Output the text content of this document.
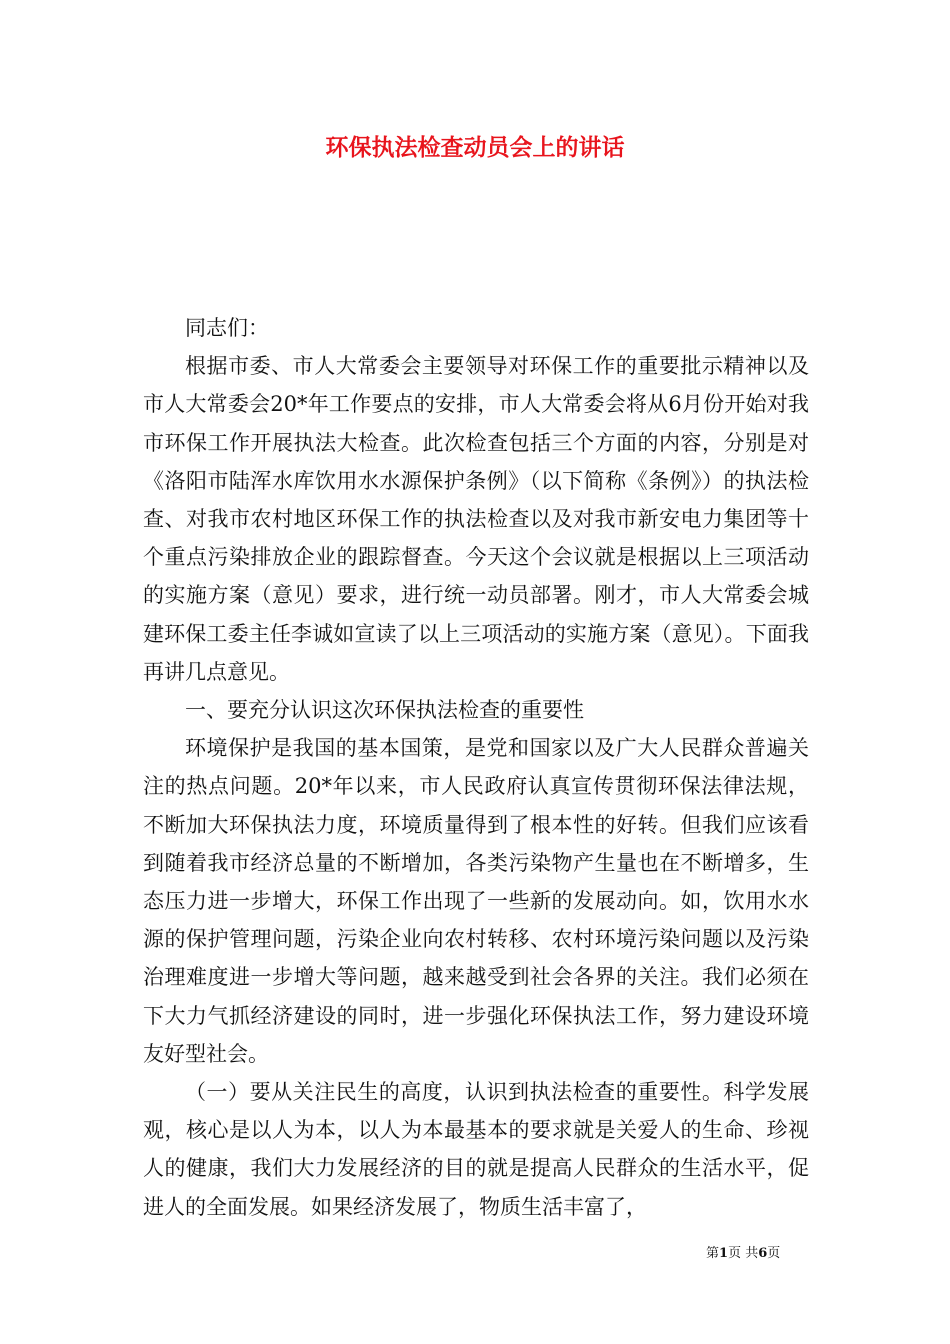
环保执法检查动员会上的讲话

同志们：

根据市委、市人大常委会主要领导对环保工作的重要批示精神以及市人大常委会20*年工作要点的安排，市人大常委会将从6月份开始对我市环保工作开展执法大检查。此次检查包括三个方面的内容，分别是对《洛阳市陆浑水库饮用水水源保护条例》（以下简称《条例》）的执法检查、对我市农村地区环保工作的执法检查以及对我市新安电力集团等十个重点污染排放企业的跟踪督查。今天这个会议就是根据以上三项活动的实施方案（意见）要求，进行统一动员部署。刚才，市人大常委会城建环保工委主任李诚如宣读了以上三项活动的实施方案（意见）。下面我再讲几点意见。

一、要充分认识这次环保执法检查的重要性

环境保护是我国的基本国策，是党和国家以及广大人民群众普遍关注的热点问题。20*年以来，市人民政府认真宣传贯彻环保法律法规，不断加大环保执法力度，环境质量得到了根本性的好转。但我们应该看到随着我市经济总量的不断增加，各类污染物产生量也在不断增多，生态压力进一步增大，环保工作出现了一些新的发展动向。如，饮用水水源的保护管理问题，污染企业向农村转移、农村环境污染问题以及污染治理难度进一步增大等问题，越来越受到社会各界的关注。我们必须在下大力气抓经济建设的同时，进一步强化环保执法工作，努力建设环境友好型社会。

（一）要从关注民生的高度，认识到执法检查的重要性。科学发展观，核心是以人为本，以人为本最基本的要求就是关爱人的生命、珍视人的健康，我们大力发展经济的目的就是提高人民群众的生活水平，促进人的全面发展。如果经济发展了，物质生活丰富了，

第1页 共6页
